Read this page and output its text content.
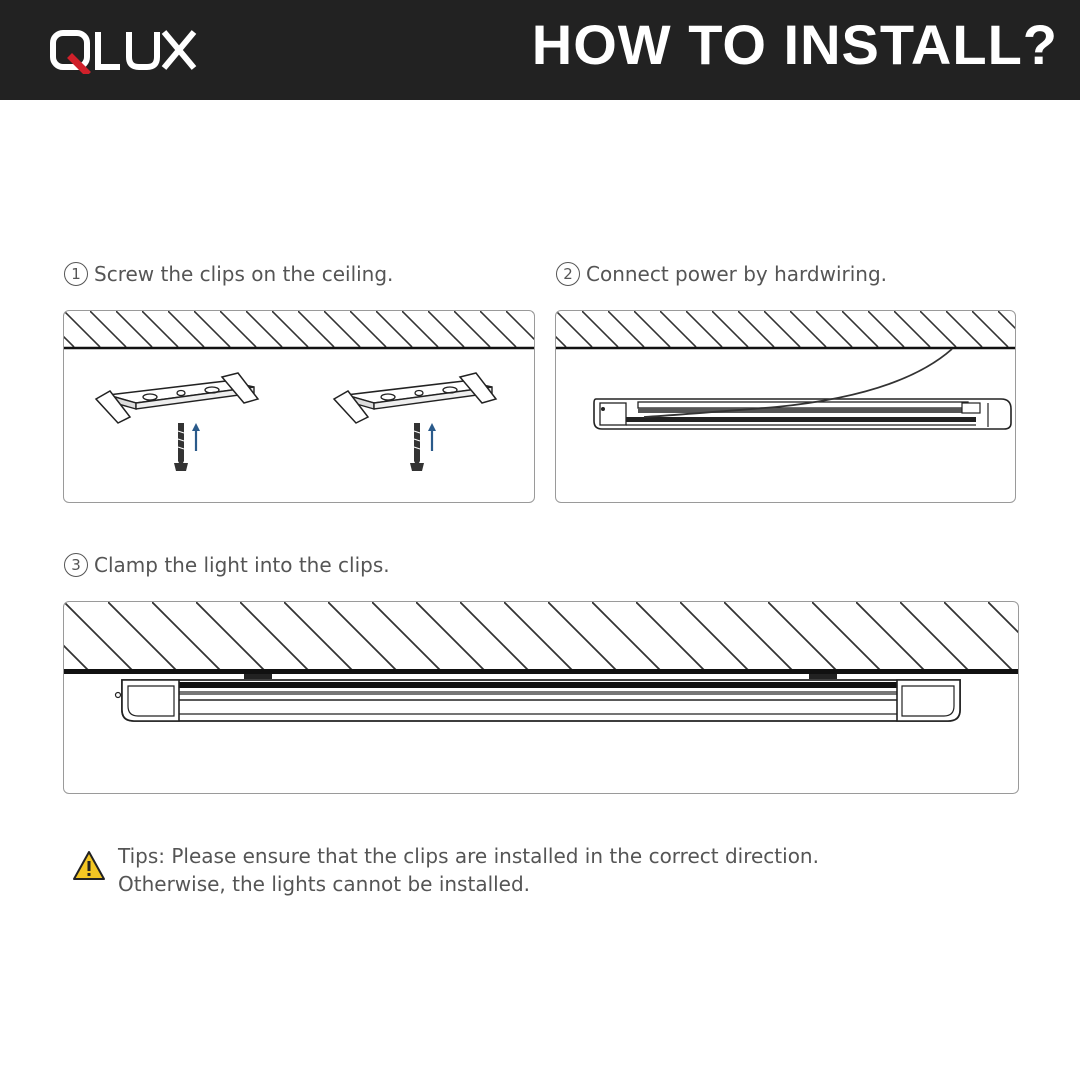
HOW TO INSTALL?
1 Screw the clips on the ceiling.	2 Connect power by hardwiring.
3 Clamp the light into the clips.
Tips: Please ensure that the clips are installed in the correct direction.
Otherwise, the lights cannot be installed.
